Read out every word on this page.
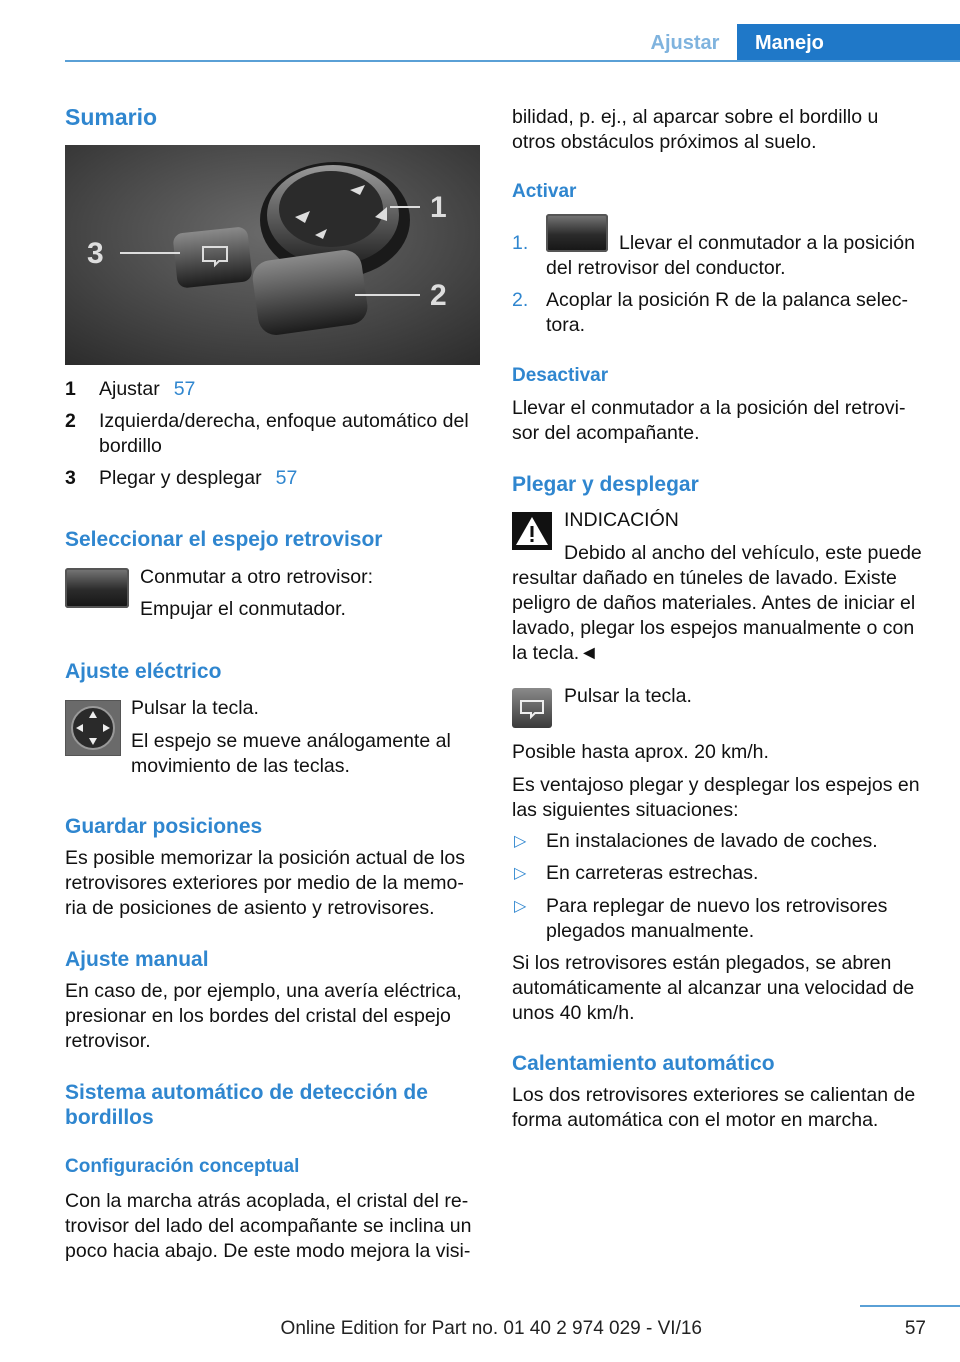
Ajustar	Manejo
Sumario
1
2
3
1 Ajustar 57
2 Izquierda/derecha, enfoque automático del
bordillo
3 Plegar y desplegar 57
Seleccionar el espejo retrovisor
Conmutar a otro retrovisor:
Empujar el conmutador.
Ajuste eléctrico
Pulsar la tecla.
El espejo se mueve análogamente al
movimiento de las teclas.
Guardar posiciones
Es posible memorizar la posición actual de los
retrovisores exteriores por medio de la memo‐
ria de posiciones de asiento y retrovisores.
Ajuste manual
En caso de, por ejemplo, una avería eléctrica,
presionar en los bordes del cristal del espejo
retrovisor.
Sistema automático de detección de
bordillos
Configuración conceptual
Con la marcha atrás acoplada, el cristal del re‐
trovisor del lado del acompañante se inclina un
poco hacia abajo. De este modo mejora la visi‐
bilidad, p. ej., al aparcar sobre el bordillo u
otros obstáculos próximos al suelo.
Activar
1.	Llevar el conmutador a la posición
del retrovisor del conductor.
2. Acoplar la posición R de la palanca selec‐
tora.
Desactivar
Llevar el conmutador a la posición del retrovi‐
sor del acompañante.
Plegar y desplegar
INDICACIÓN
Debido al ancho del vehículo, este puede
resultar dañado en túneles de lavado. Existe
peligro de daños materiales. Antes de iniciar el
lavado, plegar los espejos manualmente o con
la tecla.◄
Pulsar la tecla.
Posible hasta aprox. 20 km/h.
Es ventajoso plegar y desplegar los espejos en
las siguientes situaciones:
▷ En instalaciones de lavado de coches.
▷ En carreteras estrechas.
▷ Para replegar de nuevo los retrovisores
plegados manualmente.
Si los retrovisores están plegados, se abren
automáticamente al alcanzar una velocidad de
unos 40 km/h.
Calentamiento automático
Los dos retrovisores exteriores se calientan de
forma automática con el motor en marcha.
Online Edition for Part no. 01 40 2 974 029 - VI/16	57
